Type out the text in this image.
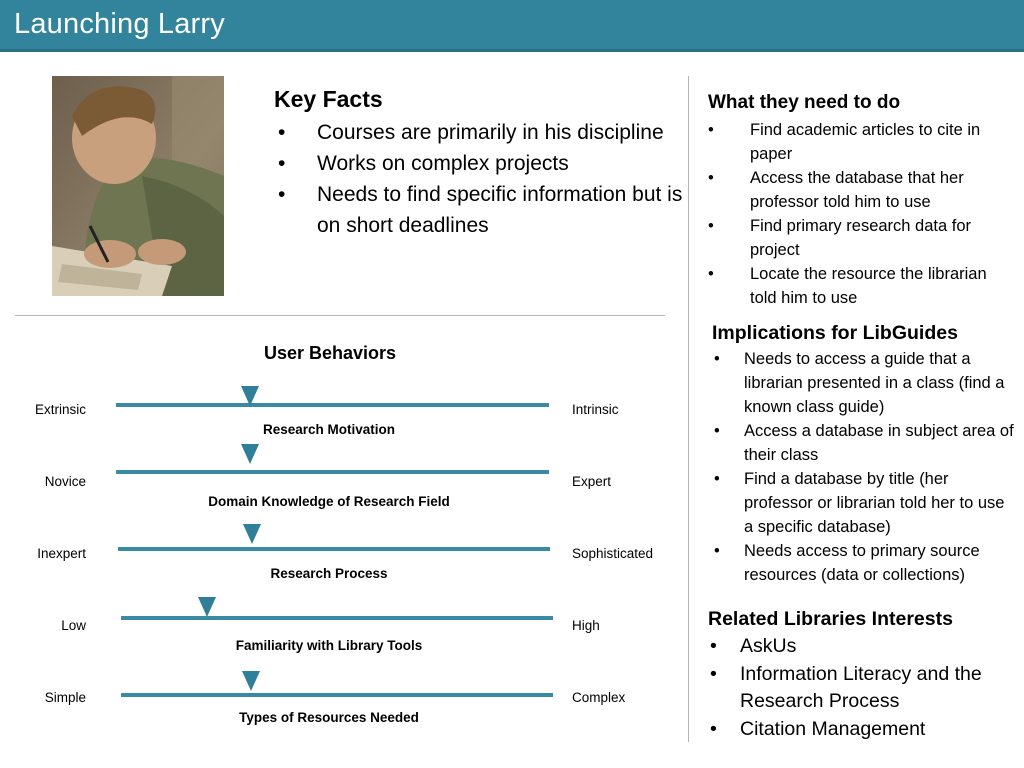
Launching Larry
Key Facts
• Courses are primarily in his discipline
• Works on complex projects
• Needs to find specific information but is on short deadlines
What they need to do
• Find academic articles to cite in paper
• Access the database that her professor told him to use
• Find primary research data for project
• Locate the resource the librarian told him to use
Implications for LibGuides
• Needs to access a guide that a librarian presented in a class (find a known class guide)
• Access a database in subject area of their class
• Find a database by title (her professor or librarian told her to use a specific database)
• Needs access to primary source resources (data or collections)
Related Libraries Interests
• AskUs
• Information Literacy and the Research Process
• Citation Management
User Behaviors
Extrinsic	Intrinsic
Research Motivation
Novice	Expert
Domain Knowledge of Research Field
Inexpert	Sophisticated
Research Process
Low	High
Familiarity with Library Tools
Simple	Complex
Types of Resources Needed
